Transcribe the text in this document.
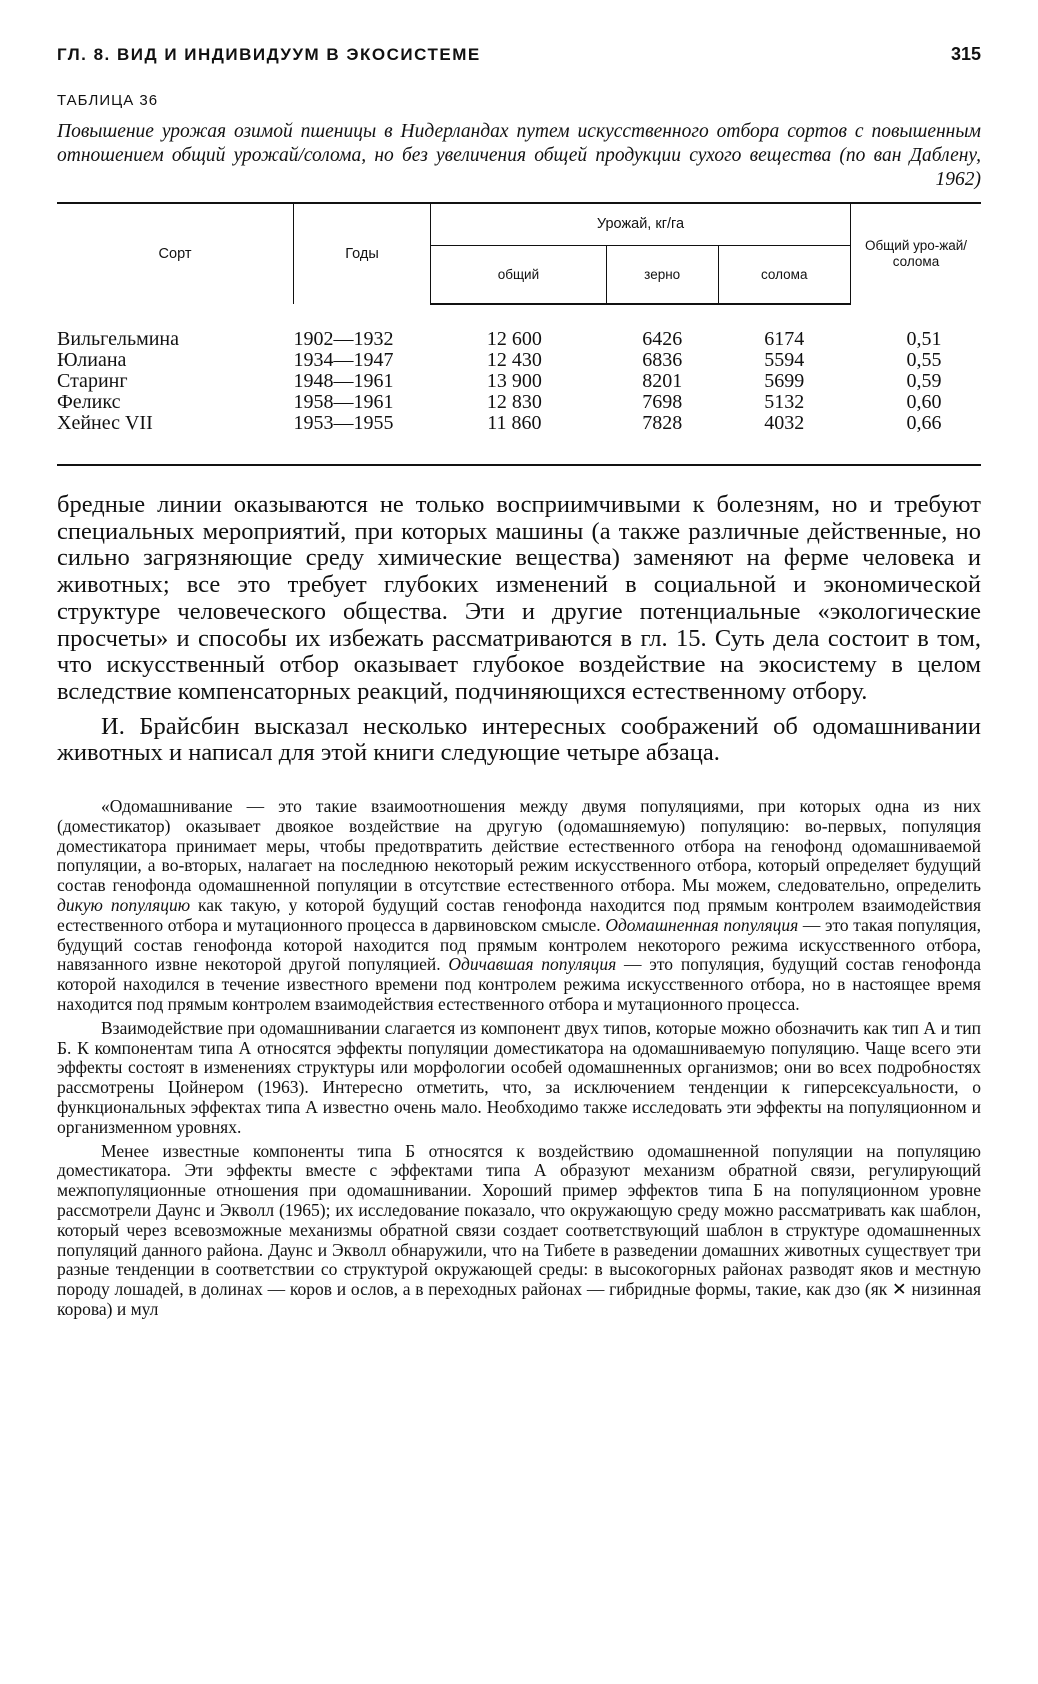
ГЛ. 8. ВИД И ИНДИВИДУУМ В ЭКОСИСТЕМЕ	315
ТАБЛИЦА 36
Повышение урожая озимой пшеницы в Нидерландах путем искусственного отбора сортов с повышенным отношением общий урожай/солома, но без увеличения общей продукции сухого вещества (по ван Даблену, 1962)
Сорт	Годы	Урожай, кг/га			Общий уро-жай/солома
		общий	зерно	солома	
Вильгельмина	1902—1932	12 600	6426	6174	0,51
Юлиана	1934—1947	12 430	6836	5594	0,55
Старинг	1948—1961	13 900	8201	5699	0,59
Феликс	1958—1961	12 830	7698	5132	0,60
Хейнес VII	1953—1955	11 860	7828	4032	0,66

бредные линии оказываются не только восприимчивыми к болезням, но и требуют специальных мероприятий, при которых машины (а также различные действенные, но сильно загрязняющие среду химические вещества) заменяют на ферме человека и животных; все это требует глубоких изменений в социальной и экономической структуре человеческого общества. Эти и другие потенциальные «экологические просчеты» и способы их избежать рассматриваются в гл. 15. Суть дела состоит в том, что искусственный отбор оказывает глубокое воздействие на экосистему в целом вследствие компенсаторных реакций, подчиняющихся естественному отбору.

И. Брайсбин высказал несколько интересных соображений об одомашнивании животных и написал для этой книги следующие четыре абзаца.

«Одомашнивание — это такие взаимоотношения между двумя популяциями, при которых одна из них (доместикатор) оказывает двоякое воздействие на другую (одомашняемую) популяцию: во-первых, популяция доместикатора принимает меры, чтобы предотвратить действие естественного отбора на генофонд одомашниваемой популяции, а во-вторых, налагает на последнюю некоторый режим искусственного отбора, который определяет будущий состав генофонда одомашненной популяции в отсутствие естественного отбора. Мы можем, следовательно, определить дикую популяцию как такую, у которой будущий состав генофонда находится под прямым контролем взаимодействия естественного отбора и мутационного процесса в дарвиновском смысле. Одомашненная популяция — это такая популяция, будущий состав генофонда которой находится под прямым контролем некоторого режима искусственного отбора, навязанного извне некоторой другой популяцией. Одичавшая популяция — это популяция, будущий состав генофонда которой находился в течение известного времени под контролем режима искусственного отбора, но в настоящее время находится под прямым контролем взаимодействия естественного отбора и мутационного процесса.

Взаимодействие при одомашнивании слагается из компонент двух типов, которые можно обозначить как тип А и тип Б. К компонентам типа А относятся эффекты популяции доместикатора на одомашниваемую популяцию. Чаще всего эти эффекты состоят в изменениях структуры или морфологии особей одомашненных организмов; они во всех подробностях рассмотрены Цойнером (1963). Интересно отметить, что, за исключением тенденции к гиперсексуальности, о функциональных эффектах типа А известно очень мало. Необходимо также исследовать эти эффекты на популяционном и организменном уровнях.

Менее известные компоненты типа Б относятся к воздействию одомашненной популяции на популяцию доместикатора. Эти эффекты вместе с эффектами типа А образуют механизм обратной связи, регулирующий межпопуляционные отношения при одомашнивании. Хороший пример эффектов типа Б на популяционном уровне рассмотрели Даунс и Экволл (1965); их исследование показало, что окружающую среду можно рассматривать как шаблон, который через всевозможные механизмы обратной связи создает соответствующий шаблон в структуре одомашненных популяций данного района. Даунс и Экволл обнаружили, что на Тибете в разведении домашних животных существует три разные тенденции в соответствии со структурой окружающей среды: в высокогорных районах разводят яков и местную породу лошадей, в долинах — коров и ослов, а в переходных районах — гибридные формы, такие, как дзо (як ✕ низинная корова) и мул
